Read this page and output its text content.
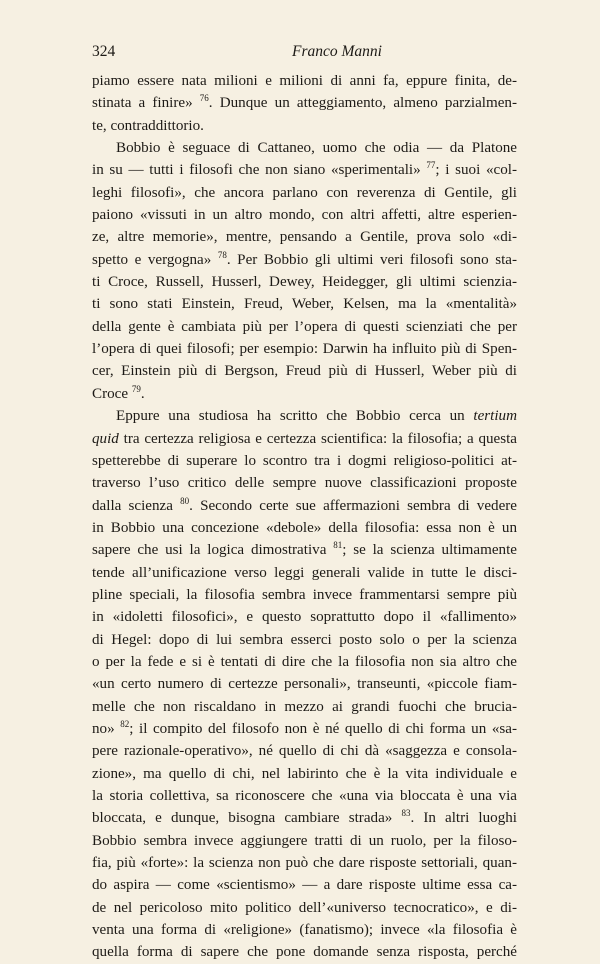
324	Franco Manni
piamo essere nata milioni e milioni di anni fa, eppure finita, de-
stinata a finire» $^{76}$. Dunque un atteggiamento, almeno parzialmen-
te, contraddittorio.
Bobbio è seguace di Cattaneo, uomo che odia — da Platone
in su — tutti i filosofi che non siano «sperimentali» $^{77}$; i suoi «col-
leghi filosofi», che ancora parlano con reverenza di Gentile, gli
paiono «vissuti in un altro mondo, con altri affetti, altre esperien-
ze, altre memorie», mentre, pensando a Gentile, prova solo «di-
spetto e vergogna» $^{78}$. Per Bobbio gli ultimi veri filosofi sono sta-
ti Croce, Russell, Husserl, Dewey, Heidegger, gli ultimi scienzia-
ti sono stati Einstein, Freud, Weber, Kelsen, ma la «mentalità»
della gente è cambiata più per l’opera di questi scienziati che per
l’opera di quei filosofi; per esempio: Darwin ha influito più di Spen-
cer, Einstein più di Bergson, Freud più di Husserl, Weber più di
Croce $^{79}$.
Eppure una studiosa ha scritto che Bobbio cerca un tertium
quid tra certezza religiosa e certezza scientifica: la filosofia; a questa
spetterebbe di superare lo scontro tra i dogmi religioso-politici at-
traverso l’uso critico delle sempre nuove classificazioni proposte
dalla scienza $^{80}$. Secondo certe sue affermazioni sembra di vedere
in Bobbio una concezione «debole» della filosofia: essa non è un
sapere che usi la logica dimostrativa $^{81}$; se la scienza ultimamente
tende all’unificazione verso leggi generali valide in tutte le disci-
pline speciali, la filosofia sembra invece frammentarsi sempre più
in «idoletti filosofici», e questo soprattutto dopo il «fallimento»
di Hegel: dopo di lui sembra esserci posto solo o per la scienza
o per la fede e si è tentati di dire che la filosofia non sia altro che
«un certo numero di certezze personali», transeunti, «piccole fiam-
melle che non riscaldano in mezzo ai grandi fuochi che brucia-
no» $^{82}$; il compito del filosofo non è né quello di chi forma un «sa-
pere razionale-operativo», né quello di chi dà «saggezza e consola-
zione», ma quello di chi, nel labirinto che è la vita individuale e
la storia collettiva, sa riconoscere che «una via bloccata è una via
bloccata, e dunque, bisogna cambiare strada» $^{83}$. In altri luoghi
Bobbio sembra invece aggiungere tratti di un ruolo, per la filoso-
fia, più «forte»: la scienza non può che dare risposte settoriali, quan-
do aspira — come «scientismo» — a dare risposte ultime essa ca-
de nel pericoloso mito politico dell’«universo tecnocratico», e di-
venta una forma di «religione» (fanatismo); invece «la filosofia è
quella forma di sapere che pone domande senza risposta, perché
